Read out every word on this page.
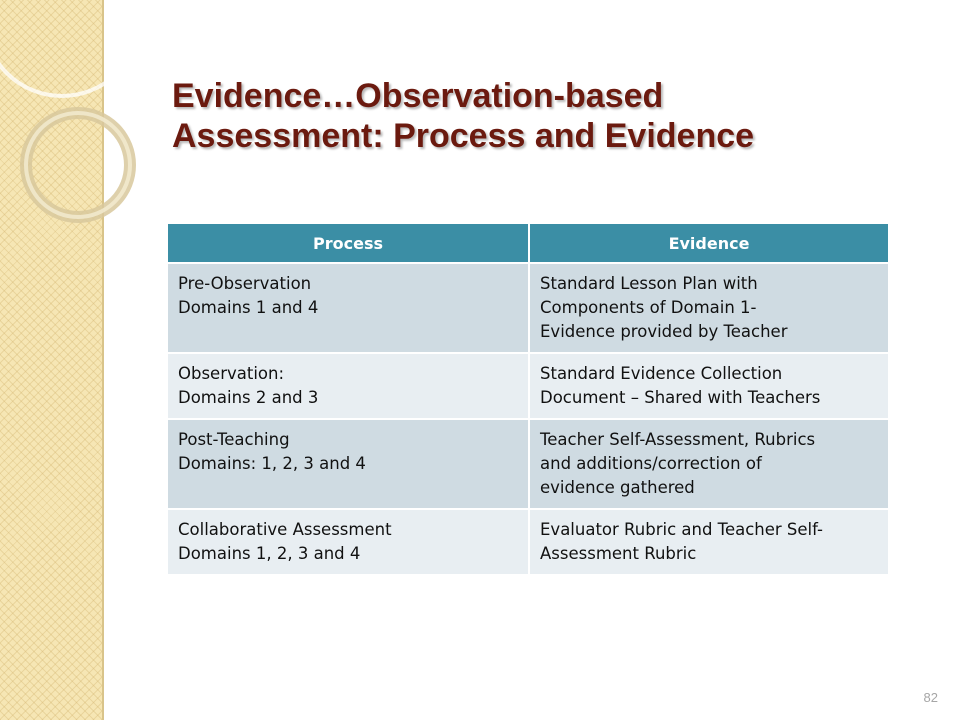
Evidence…Observation-based
Assessment: Process and Evidence
Process	Evidence

Pre-Observation
Domains 1 and 4	Standard Lesson Plan with
Components of Domain 1-
Evidence provided by Teacher

Observation:
Domains 2 and 3	Standard Evidence Collection
Document – Shared with Teachers

Post-Teaching
Domains: 1, 2, 3 and 4	Teacher Self-Assessment, Rubrics
and additions/correction of
evidence gathered

Collaborative Assessment
Domains 1, 2, 3 and 4	Evaluator Rubric and Teacher Self-
Assessment Rubric
82
